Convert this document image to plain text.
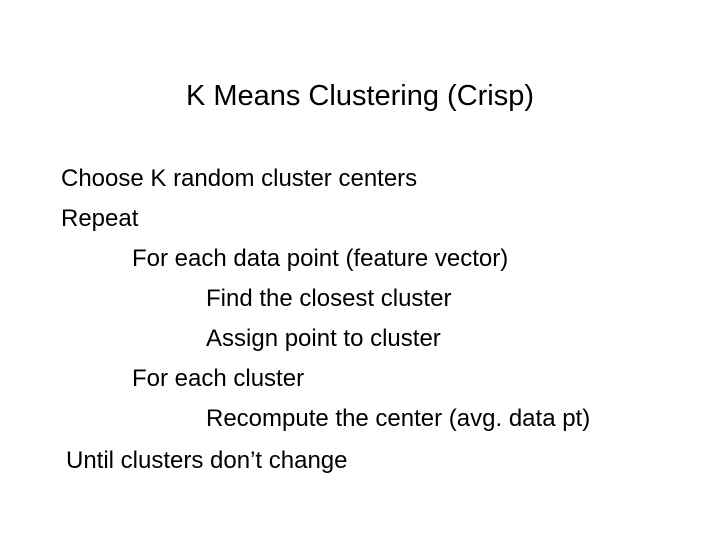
K Means Clustering (Crisp)
Choose K random cluster centers
Repeat
For each data point (feature vector)
Find the closest cluster
Assign point to cluster
For each cluster
Recompute the center (avg. data pt)
Until clusters don’t change
